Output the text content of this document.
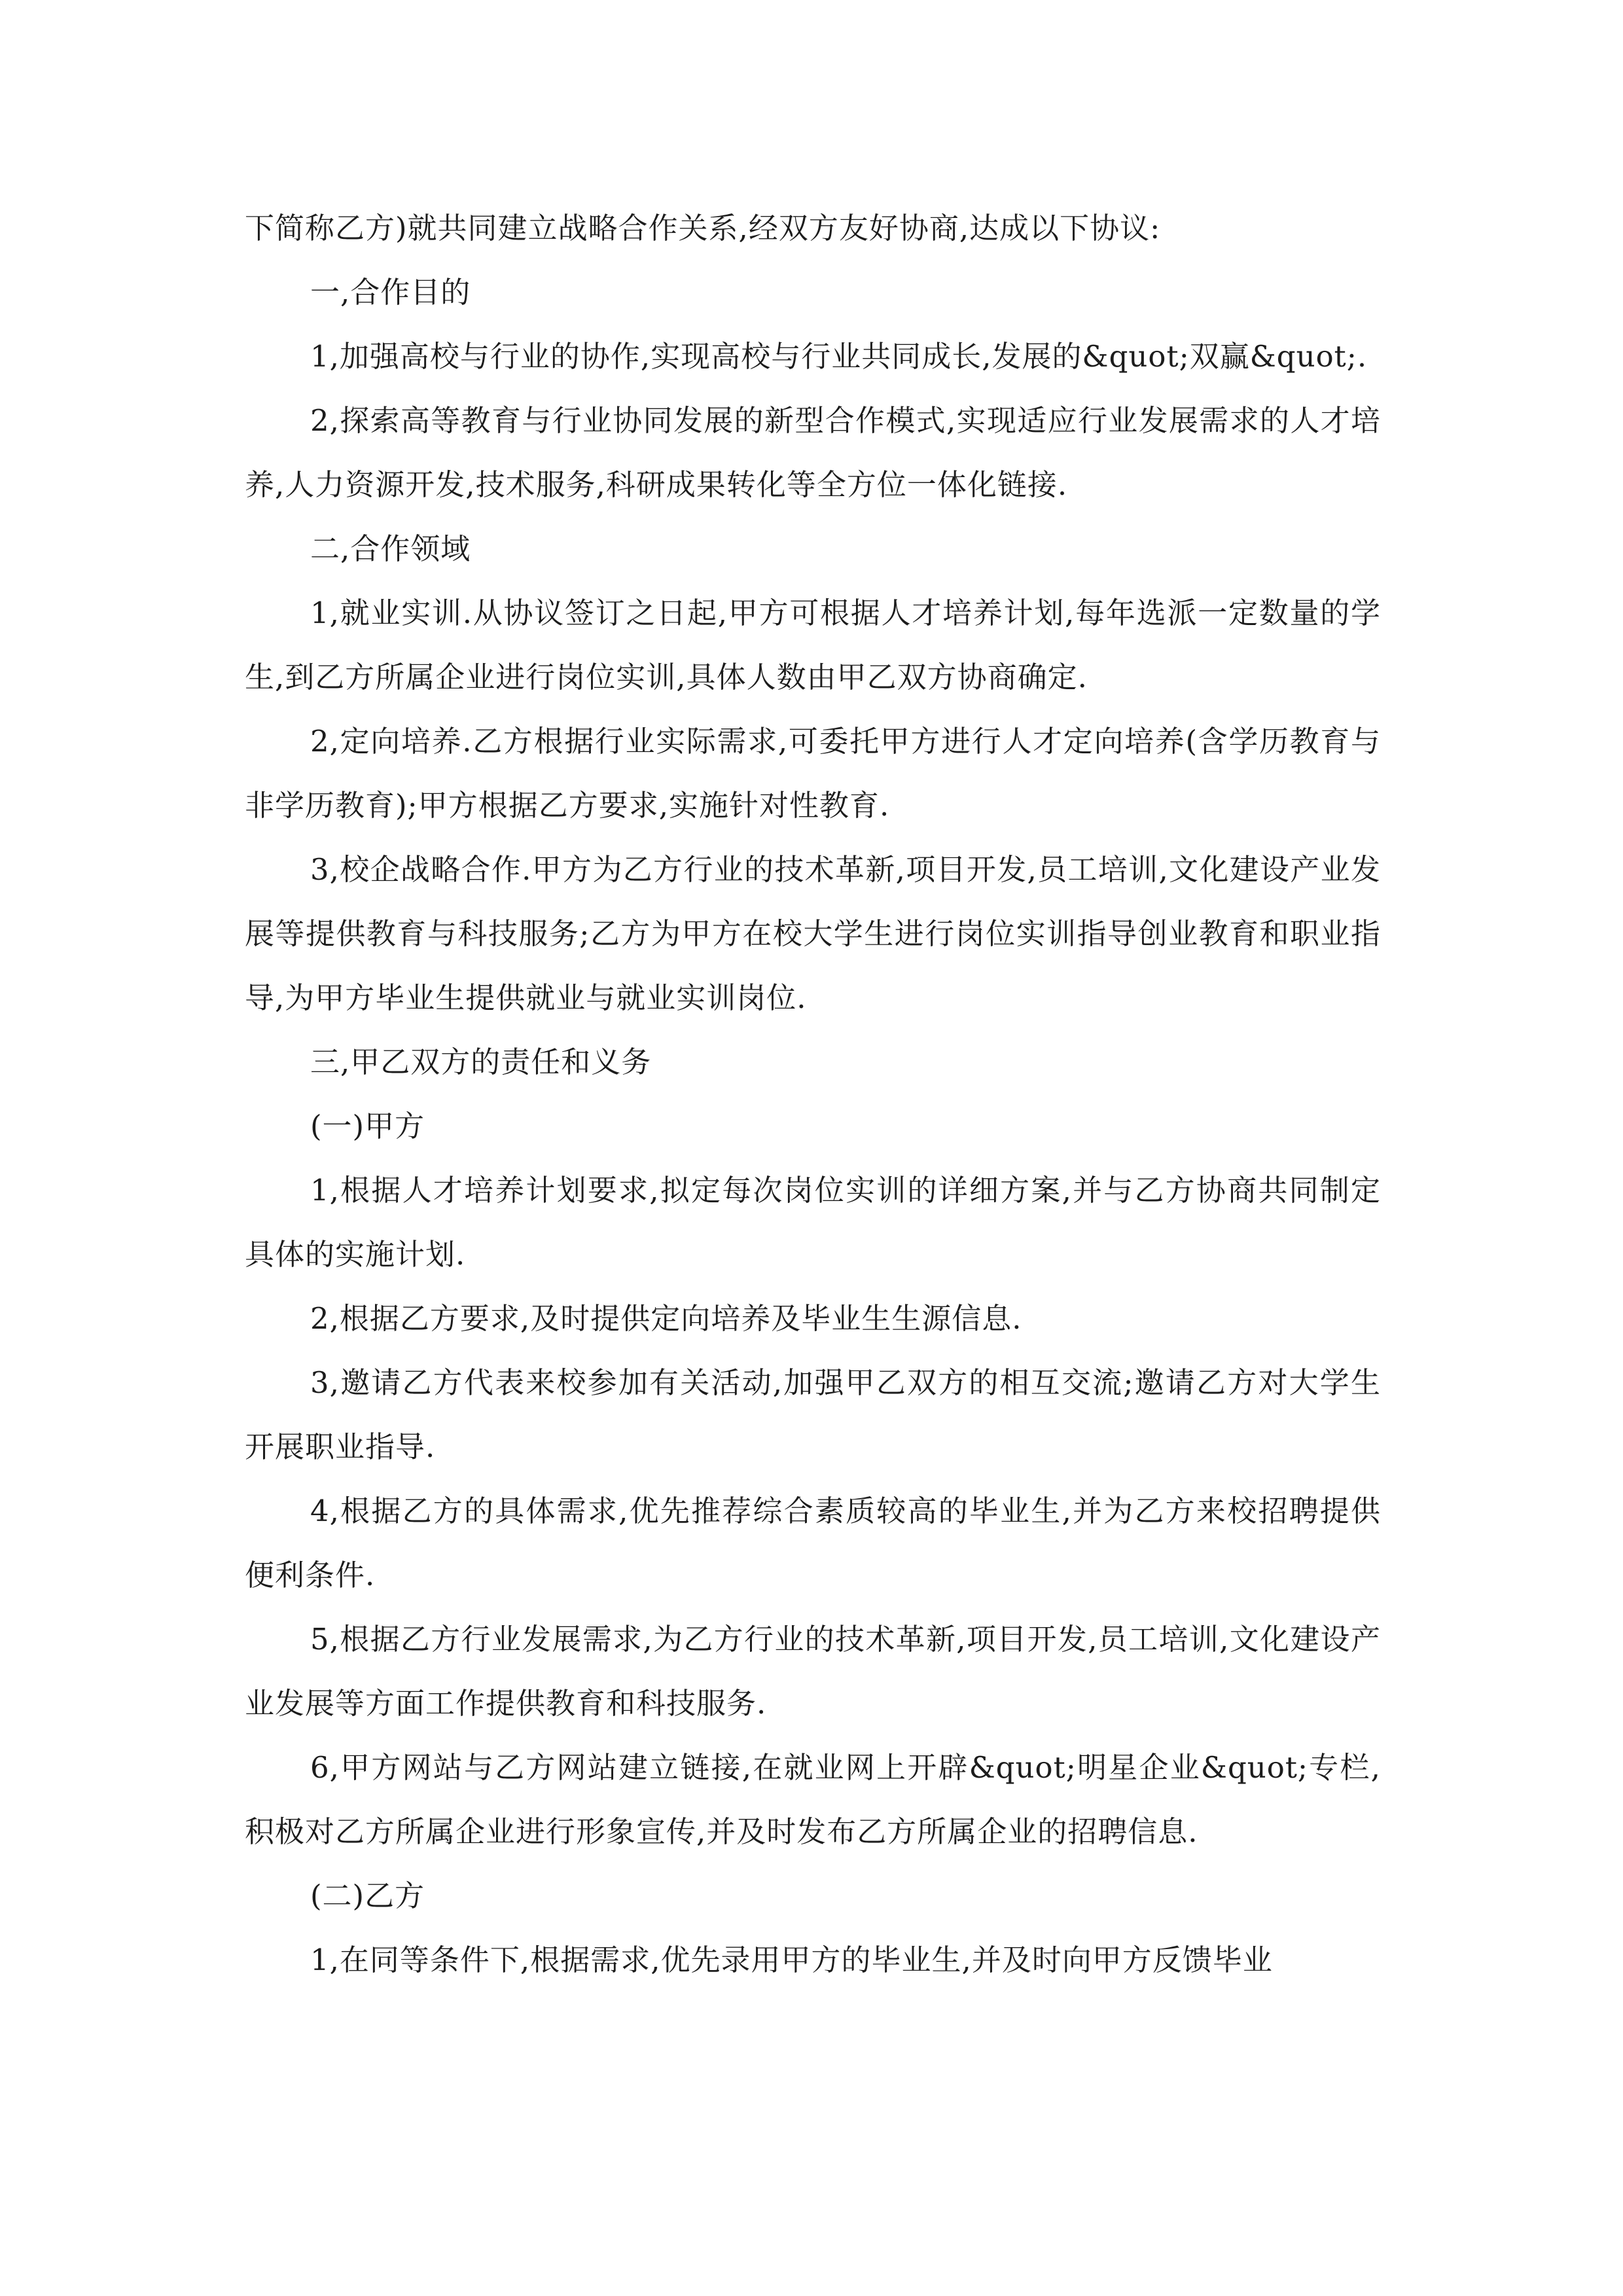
下简称乙方)就共同建立战略合作关系,经双方友好协商,达成以下协议:

一,合作目的

1,加强高校与行业的协作,实现高校与行业共同成长,发展的&quot;双赢&quot;.

2,探索高等教育与行业协同发展的新型合作模式,实现适应行业发展需求的人才培养,人力资源开发,技术服务,科研成果转化等全方位一体化链接.

二,合作领域

1,就业实训.从协议签订之日起,甲方可根据人才培养计划,每年选派一定数量的学生,到乙方所属企业进行岗位实训,具体人数由甲乙双方协商确定.

2,定向培养.乙方根据行业实际需求,可委托甲方进行人才定向培养(含学历教育与非学历教育);甲方根据乙方要求,实施针对性教育.

3,校企战略合作.甲方为乙方行业的技术革新,项目开发,员工培训,文化建设产业发展等提供教育与科技服务;乙方为甲方在校大学生进行岗位实训指导创业教育和职业指导,为甲方毕业生提供就业与就业实训岗位.

三,甲乙双方的责任和义务

(一)甲方

1,根据人才培养计划要求,拟定每次岗位实训的详细方案,并与乙方协商共同制定具体的实施计划.

2,根据乙方要求,及时提供定向培养及毕业生生源信息.

3,邀请乙方代表来校参加有关活动,加强甲乙双方的相互交流;邀请乙方对大学生开展职业指导.

4,根据乙方的具体需求,优先推荐综合素质较高的毕业生,并为乙方来校招聘提供便利条件.

5,根据乙方行业发展需求,为乙方行业的技术革新,项目开发,员工培训,文化建设产业发展等方面工作提供教育和科技服务.

6,甲方网站与乙方网站建立链接,在就业网上开辟&quot;明星企业&quot;专栏,积极对乙方所属企业进行形象宣传,并及时发布乙方所属企业的招聘信息.

(二)乙方

1,在同等条件下,根据需求,优先录用甲方的毕业生,并及时向甲方反馈毕业
